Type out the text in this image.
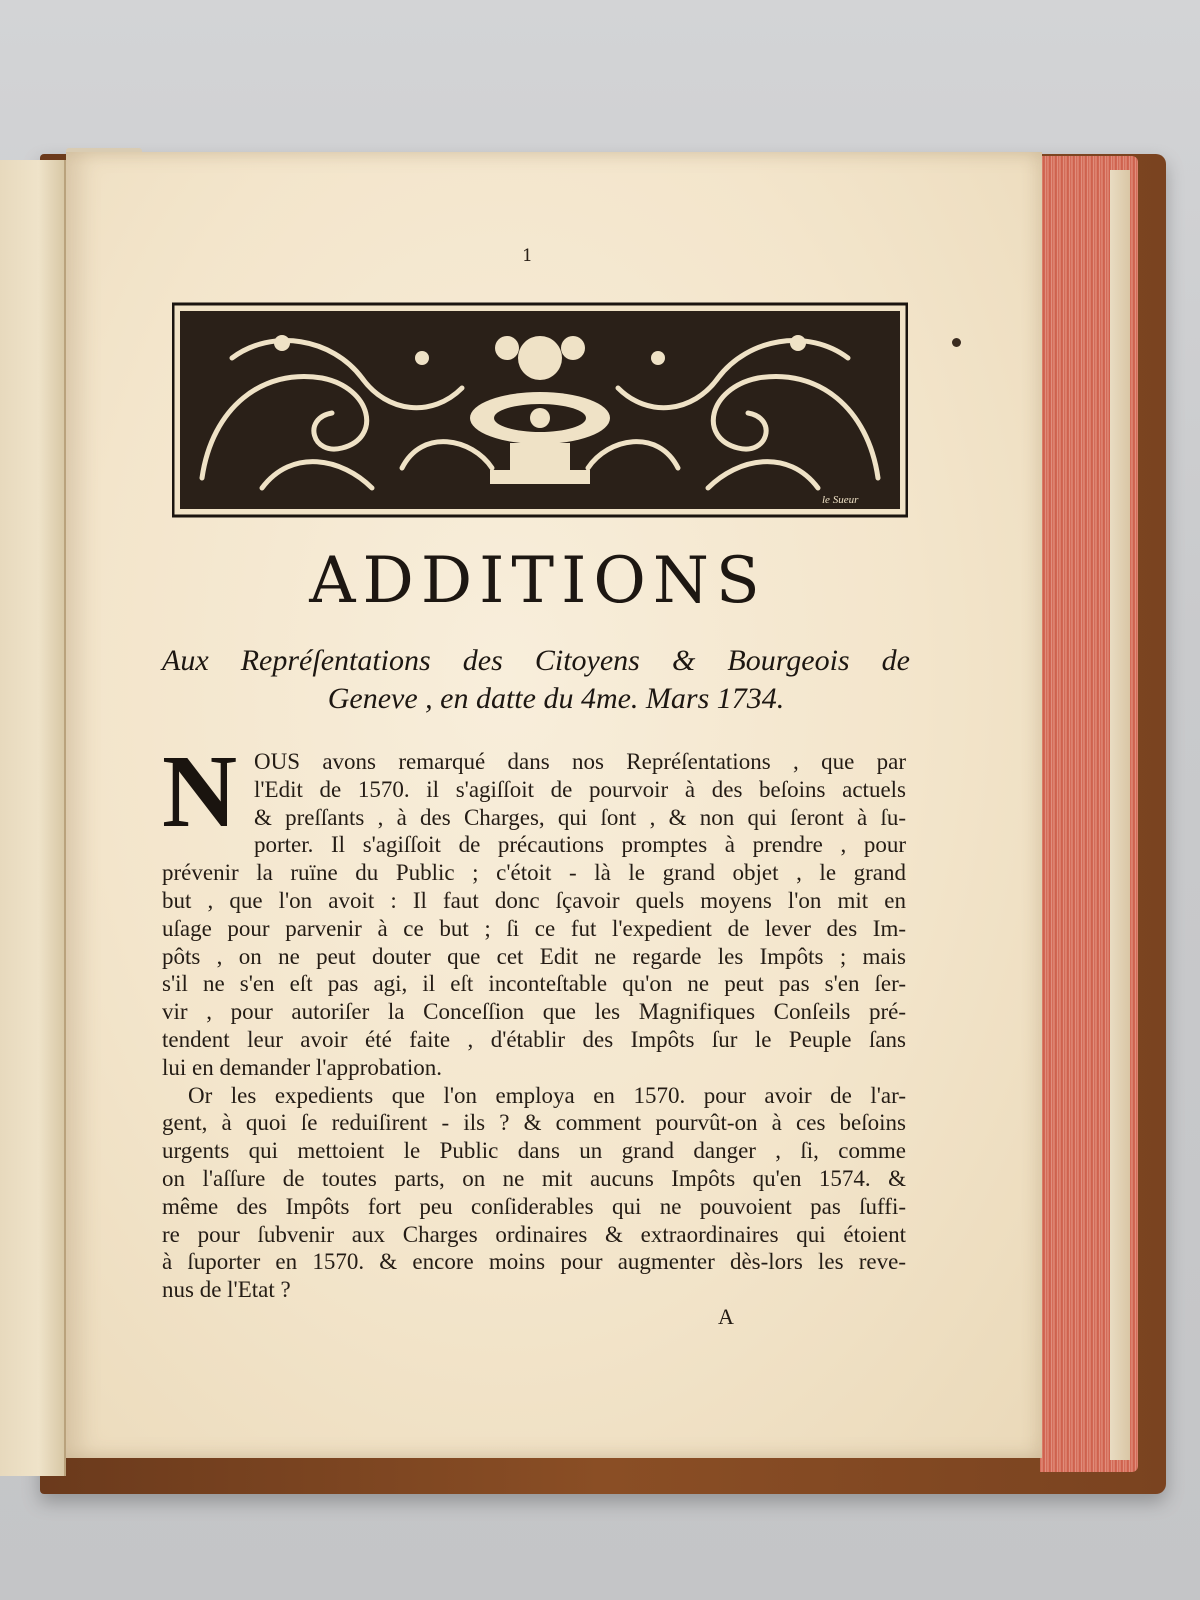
1
le Sueur
ADDITIONS
Aux Repréſentations des Citoyens & Bourgeois de
Geneve , en datte du 4me. Mars 1734.
N OUS avons remarqué dans nos Repréſentations , que par
l'Edit de 1570. il s'agiſſoit de pourvoir à des beſoins actuels
& preſſants , à des Charges, qui ſont , & non qui ſeront à ſu-
porter. Il s'agiſſoit de précautions promptes à prendre , pour
prévenir la ruïne du Public ; c'étoit - là le grand objet , le grand
but , que l'on avoit : Il faut donc ſçavoir quels moyens l'on mit en
uſage pour parvenir à ce but ; ſi ce fut l'expedient de lever des Im-
pôts , on ne peut douter que cet Edit ne regarde les Impôts ; mais
s'il ne s'en eſt pas agi, il eſt inconteſtable qu'on ne peut pas s'en ſer-
vir , pour autoriſer la Conceſſion que les Magnifiques Conſeils pré-
tendent leur avoir été faite , d'établir des Impôts ſur le Peuple ſans
lui en demander l'approbation.
Or les expedients que l'on employa en 1570. pour avoir de l'ar-
gent, à quoi ſe reduiſirent - ils ? & comment pourvût-on à ces beſoins
urgents qui mettoient le Public dans un grand danger , ſi, comme
on l'aſſure de toutes parts, on ne mit aucuns Impôts qu'en 1574. &
même des Impôts fort peu conſiderables qui ne pouvoient pas ſuffi-
re pour ſubvenir aux Charges ordinaires & extraordinaires qui étoient
à ſuporter en 1570. & encore moins pour augmenter dès-lors les reve-
nus de l'Etat ?
A
